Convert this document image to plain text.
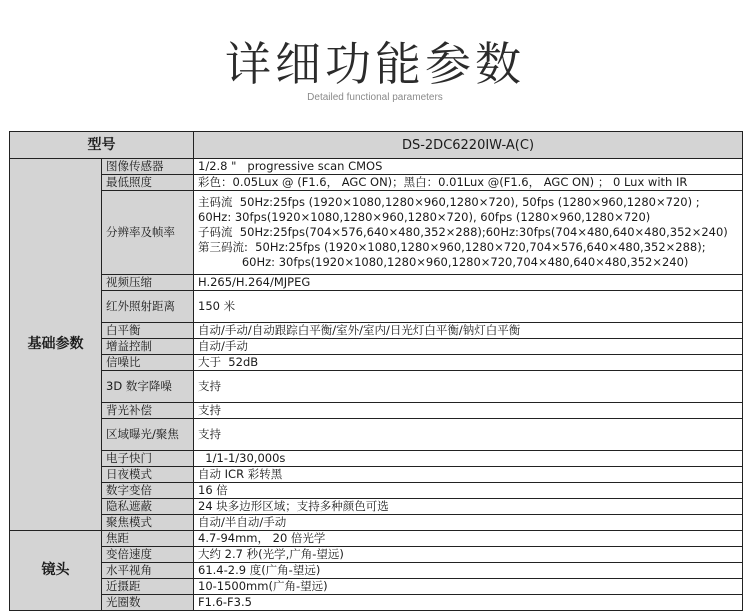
详细功能参数
Detailed functional parameters
型号		DS-2DC6220IW-A(C)
基础参数	图像传感器	1/2.8 "   progressive scan CMOS
	最低照度	彩色：0.05Lux @ (F1.6， AGC ON)；黑白：0.01Lux @(F1.6， AGC ON) ； 0 Lux with IR
	分辨率及帧率	主码流  50Hz:25fps (1920×1080,1280×960,1280×720), 50fps (1280×960,1280×720) ;
60Hz: 30fps(1920×1080,1280×960,1280×720), 60fps (1280×960,1280×720)
子码流  50Hz:25fps(704×576,640×480,352×288);60Hz:30fps(704×480,640×480,352×240)
第三码流:  50Hz:25fps (1920×1080,1280×960,1280×720,704×576,640×480,352×288);
60Hz: 30fps(1920×1080,1280×960,1280×720,704×480,640×480,352×240)

	视频压缩	H.265/H.264/MJPEG
	红外照射距离	150 米
	白平衡	自动/手动/自动跟踪白平衡/室外/室内/日光灯白平衡/钠灯白平衡
	增益控制	自动/手动
	信噪比	大于  52dB
	3D 数字降噪	支持
	背光补偿	支持
	区域曝光/聚焦	支持
	电子快门	1/1-1/30,000s
	日夜模式	自动 ICR 彩转黑
	数字变倍	16 倍
	隐私遮蔽	24 块多边形区域；支持多种颜色可选
	聚焦模式	自动/半自动/手动
镜头	焦距	4.7-94mm， 20 倍光学
	变倍速度	大约 2.7 秒(光学,广角-望远)
	水平视角	61.4-2.9 度(广角-望远)
	近摄距	10-1500mm(广角-望远)
	光圈数	F1.6-F3.5
